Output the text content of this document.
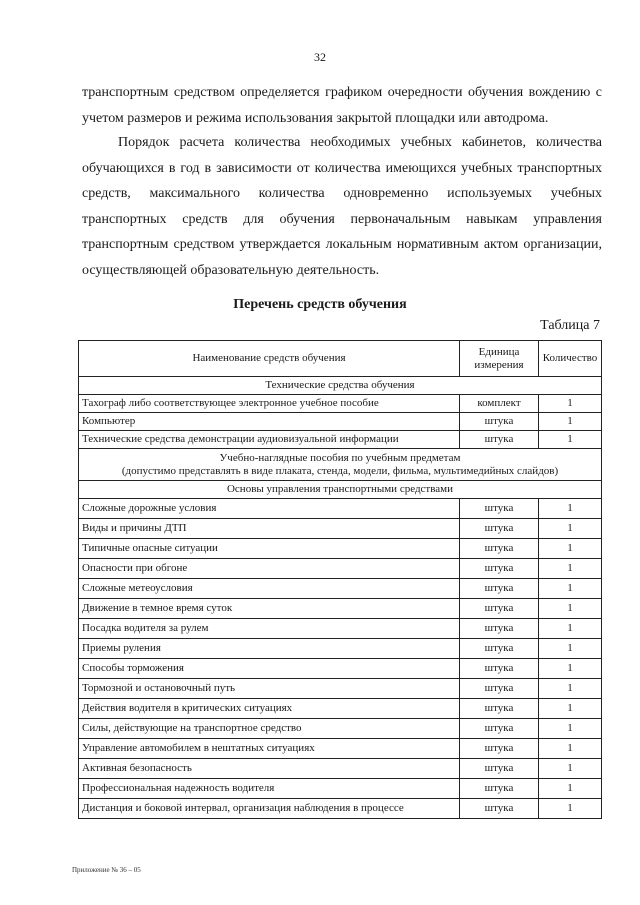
32

транспортным средством определяется графиком очередности обучения вождению с учетом размеров и режима использования закрытой площадки или автодрома.

Порядок расчета количества необходимых учебных кабинетов, количества обучающихся в год в зависимости от количества имеющихся учебных транспортных средств, максимального количества одновременно используемых учебных транспортных средств для обучения первоначальным навыкам управления транспортным средством утверждается локальным нормативным актом организации, осуществляющей образовательную деятельность.

Перечень средств обучения
Таблица 7
Наименование средств обучения	Единица измерения	Количество
Технические средства обучения		
Тахограф либо соответствующее электронное учебное пособие	комплект	1
Компьютер	штука	1
Технические средства демонстрации аудиовизуальной информации	штука	1

Учебно-наглядные пособия по учебным предметам
(допустимо представлять в виде плаката, стенда, модели, фильма, мультимедийных слайдов)		

Основы управления транспортными средствами		
Сложные дорожные условия	штука	1
Виды и причины ДТП	штука	1
Типичные опасные ситуации	штука	1
Опасности при обгоне	штука	1
Сложные метеоусловия	штука	1
Движение в темное время суток	штука	1
Посадка водителя за рулем	штука	1
Приемы руления	штука	1
Способы торможения	штука	1
Тормозной и остановочный путь	штука	1
Действия водителя в критических ситуациях	штука	1
Силы, действующие на транспортное средство	штука	1
Управление автомобилем в нештатных ситуациях	штука	1
Активная безопасность	штука	1
Профессиональная надежность водителя	штука	1
Дистанция и боковой интервал, организация наблюдения в процессе	штука	1
Приложение № 36 – 05
